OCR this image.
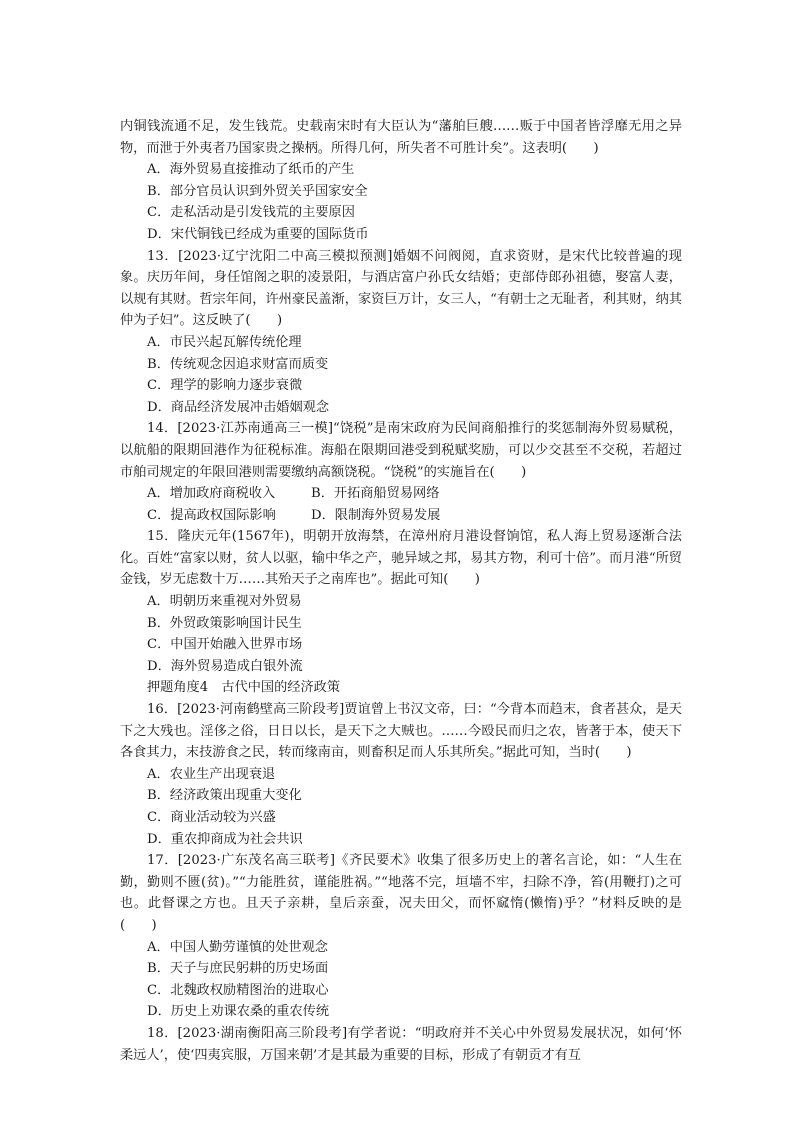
内铜钱流通不足，发生钱荒。史载南宋时有大臣认为“藩舶巨艘……贩于中国者皆浮靡无用之异物，而泄于外夷者乃国家贵之操柄。所得几何，所失者不可胜计矣”。这表明(　　)

A．海外贸易直接推动了纸币的产生

B．部分官员认识到外贸关乎国家安全

C．走私活动是引发钱荒的主要原因

D．宋代铜钱已经成为重要的国际货币

13．[2023·辽宁沈阳二中高三模拟预测]婚姻不问阀阅，直求资财，是宋代比较普遍的现象。庆历年间，身任馆阁之职的凌景阳，与酒店富户孙氏女结婚；吏部侍郎孙祖德，娶富人妻，以规有其财。哲宗年间，许州豪民盖渐，家资巨万计，女三人，“有朝士之无耻者，利其财，纳其仲为子妇”。这反映了(　　)

A．市民兴起瓦解传统伦理

B．传统观念因追求财富而质变

C．理学的影响力逐步衰微

D．商品经济发展冲击婚姻观念

14．[2023·江苏南通高三一模]“饶税”是南宋政府为民间商船推行的奖惩制海外贸易赋税，以航船的限期回港作为征税标准。海船在限期回港受到税赋奖励，可以少交甚至不交税，若超过市舶司规定的年限回港则需要缴纳高额饶税。“饶税”的实施旨在(　　)

A．增加政府商税收入	B．开拓商船贸易网络

C．提高政权国际影响	D．限制海外贸易发展

15．隆庆元年(1567年)，明朝开放海禁，在漳州府月港设督饷馆，私人海上贸易逐渐合法化。百姓“富家以财，贫人以驱，输中华之产，驰异域之邦，易其方物，利可十倍”。而月港“所贸金钱，岁无虑数十万……其殆天子之南库也”。据此可知(　　)

A．明朝历来重视对外贸易

B．外贸政策影响国计民生

C．中国开始融入世界市场

D．海外贸易造成白银外流

押题角度4　古代中国的经济政策

16．[2023·河南鹤壁高三阶段考]贾谊曾上书汉文帝，曰：“今背本而趋末，食者甚众，是天下之大残也。淫侈之俗，日日以长，是天下之大贼也。……今殴民而归之农，皆著于本，使天下各食其力，末技游食之民，转而缘南亩，则畜积足而人乐其所矣。”据此可知，当时(　　)

A．农业生产出现衰退

B．经济政策出现重大变化

C．商业活动较为兴盛

D．重农抑商成为社会共识

17．[2023·广东茂名高三联考]《齐民要术》收集了很多历史上的著名言论，如：“人生在勤，勤则不匮(贫)。”“力能胜贫，谨能胜祸。”“地落不完，垣墙不牢，扫除不净，笞(用鞭打)之可也。此督课之方也。且天子亲耕，皇后亲蚕，况夫田父，而怀窳惰(懒惰)乎？”材料反映的是(　　)

A．中国人勤劳谨慎的处世观念

B．天子与庶民躬耕的历史场面

C．北魏政权励精图治的进取心

D．历史上劝课农桑的重农传统

18．[2023·湖南衡阳高三阶段考]有学者说：“明政府并不关心中外贸易发展状况，如何‘怀柔远人’，使‘四夷宾服，万国来朝’才是其最为重要的目标，形成了有朝贡才有互
